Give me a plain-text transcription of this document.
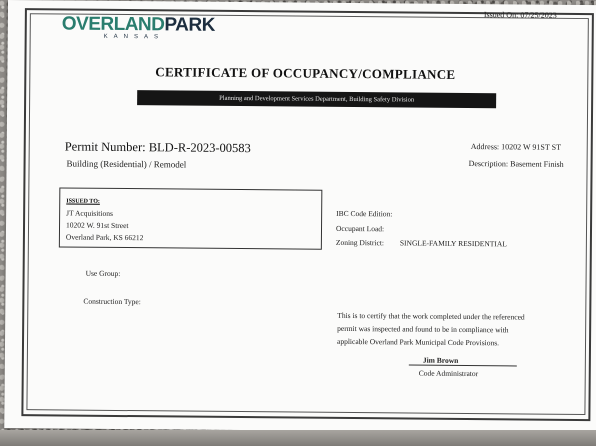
OVERLANDPARK
KANSAS
Issued On: 07/25/2023
CERTIFICATE OF OCCUPANCY/COMPLIANCE
Planning and Development Services Department, Building Safety Division
Permit Number: BLD-R-2023-00583	Address: 10202 W 91ST ST
Building (Residential) / Remodel	Description: Basement Finish
ISSUED TO:
JT Acquisitions
10202 W. 91st Street
Overland Park, KS 66212
IBC Code Edition:
Occupant Load:
Zoning District: SINGLE-FAMILY RESIDENTIAL
Use Group:
Construction Type:
This is to certify that the work completed under the referenced
permit was inspected and found to be in compliance with
applicable Overland Park Municipal Code Provisions.
Jim Brown
Code Administrator
